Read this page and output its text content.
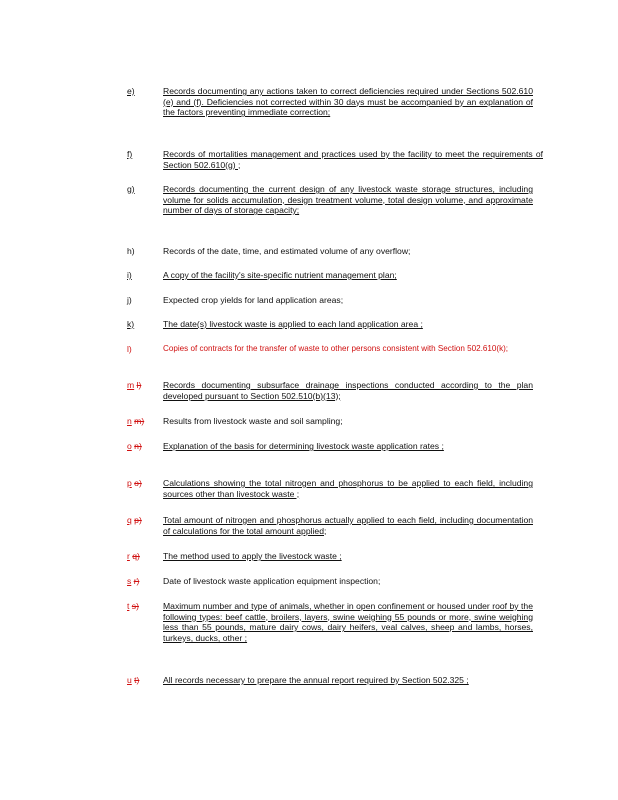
e)	Records documenting any actions taken to correct deficiencies required under Sections 502.610 (e) and (f). Deficiencies not corrected within 30 days must be accompanied by an explanation of the factors preventing immediate correction;
f)	Records of mortalities management and practices used by the facility to meet the requirements of Section 502.610(g) ;
g)	Records documenting the current design of any livestock waste storage structures, including volume for solids accumulation, design treatment volume, total design volume, and approximate number of days of storage capacity;
h)	Records of the date, time, and estimated volume of any overflow;
i)	A copy of the facility's site-specific nutrient management plan;
j)	Expected crop yields for land application areas;
k)	The date(s) livestock waste is applied to each land application area ;
l)	Copies of contracts for the transfer of waste to other persons consistent with Section 502.610(k);
m l)	Records documenting subsurface drainage inspections conducted according to the plan developed pursuant to Section 502.510(b)(13);
n m) Results from livestock waste and soil sampling;
o n) Explanation of the basis for determining livestock waste application rates ;
p o) Calculations showing the total nitrogen and phosphorus to be applied to each field, including sources other than livestock waste ;
q p) Total amount of nitrogen and phosphorus actually applied to each field, including documentation of calculations for the total amount applied;
r q)	The method used to apply the livestock waste ;
s r)	Date of livestock waste application equipment inspection;
t s)	Maximum number and type of animals, whether in open confinement or housed under roof by the following types: beef cattle, broilers, layers, swine weighing 55 pounds or more, swine weighing less than 55 pounds, mature dairy cows, dairy heifers, veal calves, sheep and lambs, horses, turkeys, ducks, other ;
u t)	All records necessary to prepare the annual report required by Section 502.325 ;
